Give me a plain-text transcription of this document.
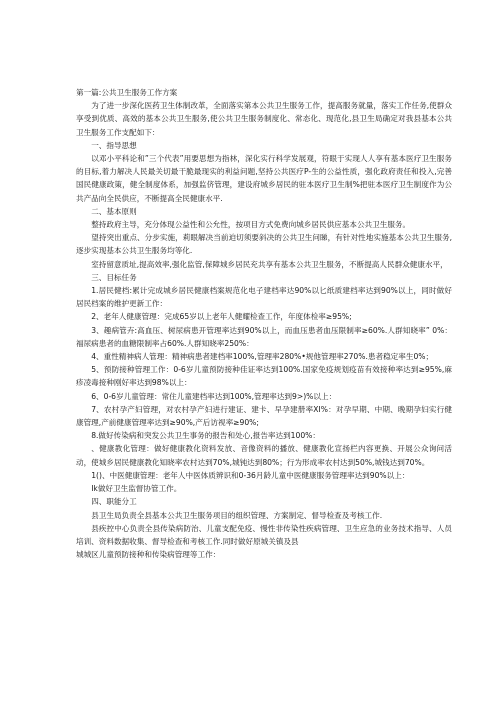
第一篇:公共卫生服务工作方案

为了进一步深化医药卫生体制改革，全面落实第本公共卫生服务工作，提高服务就量，落实工作任务,使群众享受到优质、高效的基本公共卫生服务,使公共卫生服务制度化、常态化、现范化,县卫生局确定对我县基本公共卫生服务工作支配如下：

一、指导思想

以邓小平科论和”三个代表”用要思想为指林，深化实行科学发展观，符眼于实现人人享有基本医疗卫生服务的目标,着力解决人民最关切最干脆最现实的利益问题,坚持公共医疗P-生的公益性质，强化政府责任和投入,完善国民健康政策，健全制度体系，加强监侪管理，建设府城乡居民的驻本医疗卫生制%把驻本医疗卫生制度作为公共产品向全民供应，不断提高全民健康水平.

二、基本原则

整持政府主导，充分体现公益性和公允性，按项目方式免费向城乡居民供应基本公共卫生服务。

望持突出重点、分步实施，莉眼解决当前迫切须要斜决的公共卫生问睇，有针对性地实施基本公共卫生服务,逐步实现基本公共卫生服务均等化.

室持留意质址,提高效率,强化监管,保障城乡居民充共享有基本公共卫生服务，不断提高人民群众健康水平，

三、目标任务

1.居民健档:累计完成城乡居民健康档案规范化电子建档率达90%以匕纸质建档率达到90%以上，同时做好居民档案的维护更新工作：

2、老年人健康管理：完成65岁以上老年人健耀检查工作，年度体检率≥95%;

3、趣病管卉:高血压、树尿病患开管理率达到90%以上，而血压患者血压限制率≥60%.人群知晓率” 0%：福尿病患者的血糖限制率占60%.人群知晓率250%：

4、重性精神病人管理：精神病患者建档率100%,管理率280%•规他管理率270%.患者稳定率生0%；

5、预防接种管理工作：0-6岁儿童预防接种佳证率达到100%.国家免疫规划疫苗有效接种率达到≥95%,麻疹凌毒接种刚好率达到98%以上：

6、0-6岁儿童管理：常住儿童建档率达到100%,管理率达到9>)%以上：

7、农村孕产妇管理，对农村孕产妇进行建证、建卡、早孕建册率XI%：对孕早期、中期、晚期孕妇实行健康管理,产前健康管理率达到≥90%,产后访视率≥90%;

8.做好传染病和突发公共卫生事务的报告和处心,报告率达到100%：

、健康教化管理：做好健康教化资料发放、音像资料的播放、健康教化宣扬栏内容更换、开展公众询问活动，使城乡居民健康教化知晓率农村达到70%,城钝达到80%；行为形成率农村达到50%,城钱达到70%。

1()、中医健康管理：老年人中医体质辨识和0-36月龄儿童中医健康服务管理率达到90%以上：

Ik做好卫生监督协管工作。

四、职能分工

县卫生局负责全县基本公共卫生服务项目的组织管理、方案制定、督导检查及考核工作.

县疾控中心负责全县传染病防治、儿童支配免疫、慢性非传染性疾病管理、卫生应急的业务技术指导、人员培训、资料数据收集、督导检查和考核工作.同时做好原城关镇及县

城城区儿童预防接种和传染病管理等工作：
